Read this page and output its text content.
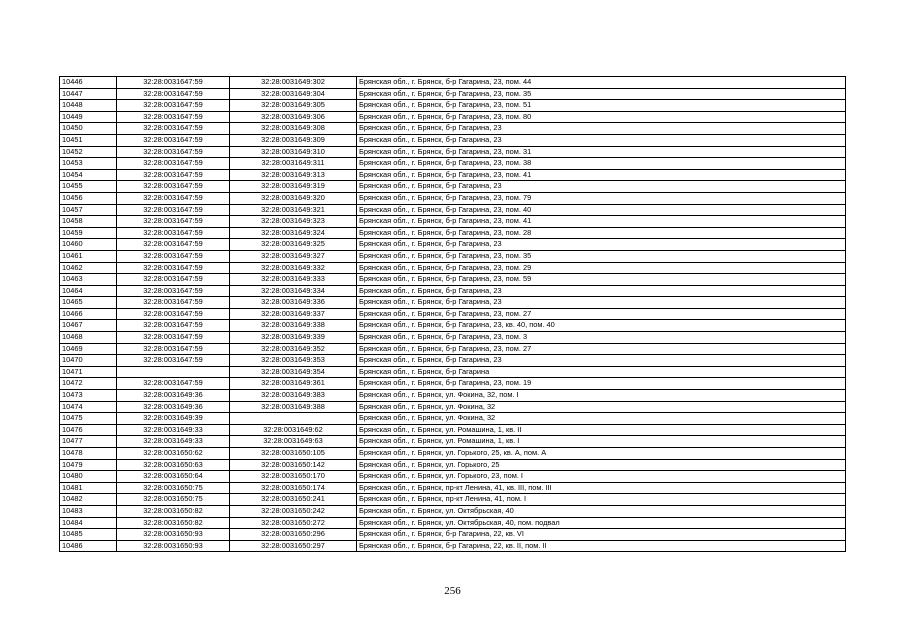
10446	32:28:0031647:59	32:28:0031649:302	Брянская обл., г. Брянск, б-р Гагарина, 23, пом. 44
10447	32:28:0031647:59	32:28:0031649:304	Брянская обл., г. Брянск, б-р Гагарина, 23, пом. 35
10448	32:28:0031647:59	32:28:0031649:305	Брянская обл., г. Брянск, б-р Гагарина, 23, пом. 51
10449	32:28:0031647:59	32:28:0031649:306	Брянская обл., г. Брянск, б-р Гагарина, 23, пом. 80
10450	32:28:0031647:59	32:28:0031649:308	Брянская обл., г. Брянск, б-р Гагарина, 23
10451	32:28:0031647:59	32:28:0031649:309	Брянская обл., г. Брянск, б-р Гагарина, 23
10452	32:28:0031647:59	32:28:0031649:310	Брянская обл., г. Брянск, б-р Гагарина, 23, пом. 31
10453	32:28:0031647:59	32:28:0031649:311	Брянская обл., г. Брянск, б-р Гагарина, 23, пом. 38
10454	32:28:0031647:59	32:28:0031649:313	Брянская обл., г. Брянск, б-р Гагарина, 23, пом. 41
10455	32:28:0031647:59	32:28:0031649:319	Брянская обл., г. Брянск, б-р Гагарина, 23
10456	32:28:0031647:59	32:28:0031649:320	Брянская обл., г. Брянск, б-р Гагарина, 23, пом. 79
10457	32:28:0031647:59	32:28:0031649:321	Брянская обл., г. Брянск, б-р Гагарина, 23, пом. 40
10458	32:28:0031647:59	32:28:0031649:323	Брянская обл., г. Брянск, б-р Гагарина, 23, пом. 41
10459	32:28:0031647:59	32:28:0031649:324	Брянская обл., г. Брянск, б-р Гагарина, 23, пом. 28
10460	32:28:0031647:59	32:28:0031649:325	Брянская обл., г. Брянск, б-р Гагарина, 23
10461	32:28:0031647:59	32:28:0031649:327	Брянская обл., г. Брянск, б-р Гагарина, 23, пом. 35
10462	32:28:0031647:59	32:28:0031649:332	Брянская обл., г. Брянск, б-р Гагарина, 23, пом. 29
10463	32:28:0031647:59	32:28:0031649:333	Брянская обл., г. Брянск, б-р Гагарина, 23, пом. 59
10464	32:28:0031647:59	32:28:0031649:334	Брянская обл., г. Брянск, б-р Гагарина, 23
10465	32:28:0031647:59	32:28:0031649:336	Брянская обл., г. Брянск, б-р Гагарина, 23
10466	32:28:0031647:59	32:28:0031649:337	Брянская обл., г. Брянск, б-р Гагарина, 23, пом. 27
10467	32:28:0031647:59	32:28:0031649:338	Брянская обл., г. Брянск, б-р Гагарина, 23, кв. 40, пом. 40
10468	32:28:0031647:59	32:28:0031649:339	Брянская обл., г. Брянск, б-р Гагарина, 23, пом. 3
10469	32:28:0031647:59	32:28:0031649:352	Брянская обл., г. Брянск, б-р Гагарина, 23, пом. 27
10470	32:28:0031647:59	32:28:0031649:353	Брянская обл., г. Брянск, б-р Гагарина, 23
10471		32:28:0031649:354	Брянская обл., г. Брянск, б-р Гагарина
10472	32:28:0031647:59	32:28:0031649:361	Брянская обл., г. Брянск, б-р Гагарина, 23, пом. 19
10473	32:28:0031649:36	32:28:0031649:383	Брянская обл., г. Брянск, ул. Фокина, 32, пом. I
10474	32:28:0031649:36	32:28:0031649:388	Брянская обл., г. Брянск, ул. Фокина, 32
10475	32:28:0031649:39		Брянская обл., г. Брянск, ул. Фокина, 32
10476	32:28:0031649:33	32:28:0031649:62	Брянская обл., г. Брянск, ул. Ромашина, 1, кв. II
10477	32:28:0031649:33	32:28:0031649:63	Брянская обл., г. Брянск, ул. Ромашина, 1, кв. I
10478	32:28:0031650:62	32:28:0031650:105	Брянская обл., г. Брянск, ул. Горького, 25, кв. А, пом. А
10479	32:28:0031650:63	32:28:0031650:142	Брянская обл., г. Брянск, ул. Горького, 25
10480	32:28:0031650:64	32:28:0031650:170	Брянская обл., г. Брянск, ул. Горького, 23, пом. I
10481	32:28:0031650:75	32:28:0031650:174	Брянская обл., г. Брянск, пр-кт Ленина, 41, кв. III, пом. III
10482	32:28:0031650:75	32:28:0031650:241	Брянская обл., г. Брянск, пр-кт Ленина, 41, пом. I
10483	32:28:0031650:82	32:28:0031650:242	Брянская обл., г. Брянск, ул. Октябрьская, 40
10484	32:28:0031650:82	32:28:0031650:272	Брянская обл., г. Брянск, ул. Октябрьская, 40, пом. подвал
10485	32:28:0031650:93	32:28:0031650:296	Брянская обл., г. Брянск, б-р Гагарина, 22, кв. VI
10486	32:28:0031650:93	32:28:0031650:297	Брянская обл., г. Брянск, б-р Гагарина, 22, кв. II, пом. II
256
